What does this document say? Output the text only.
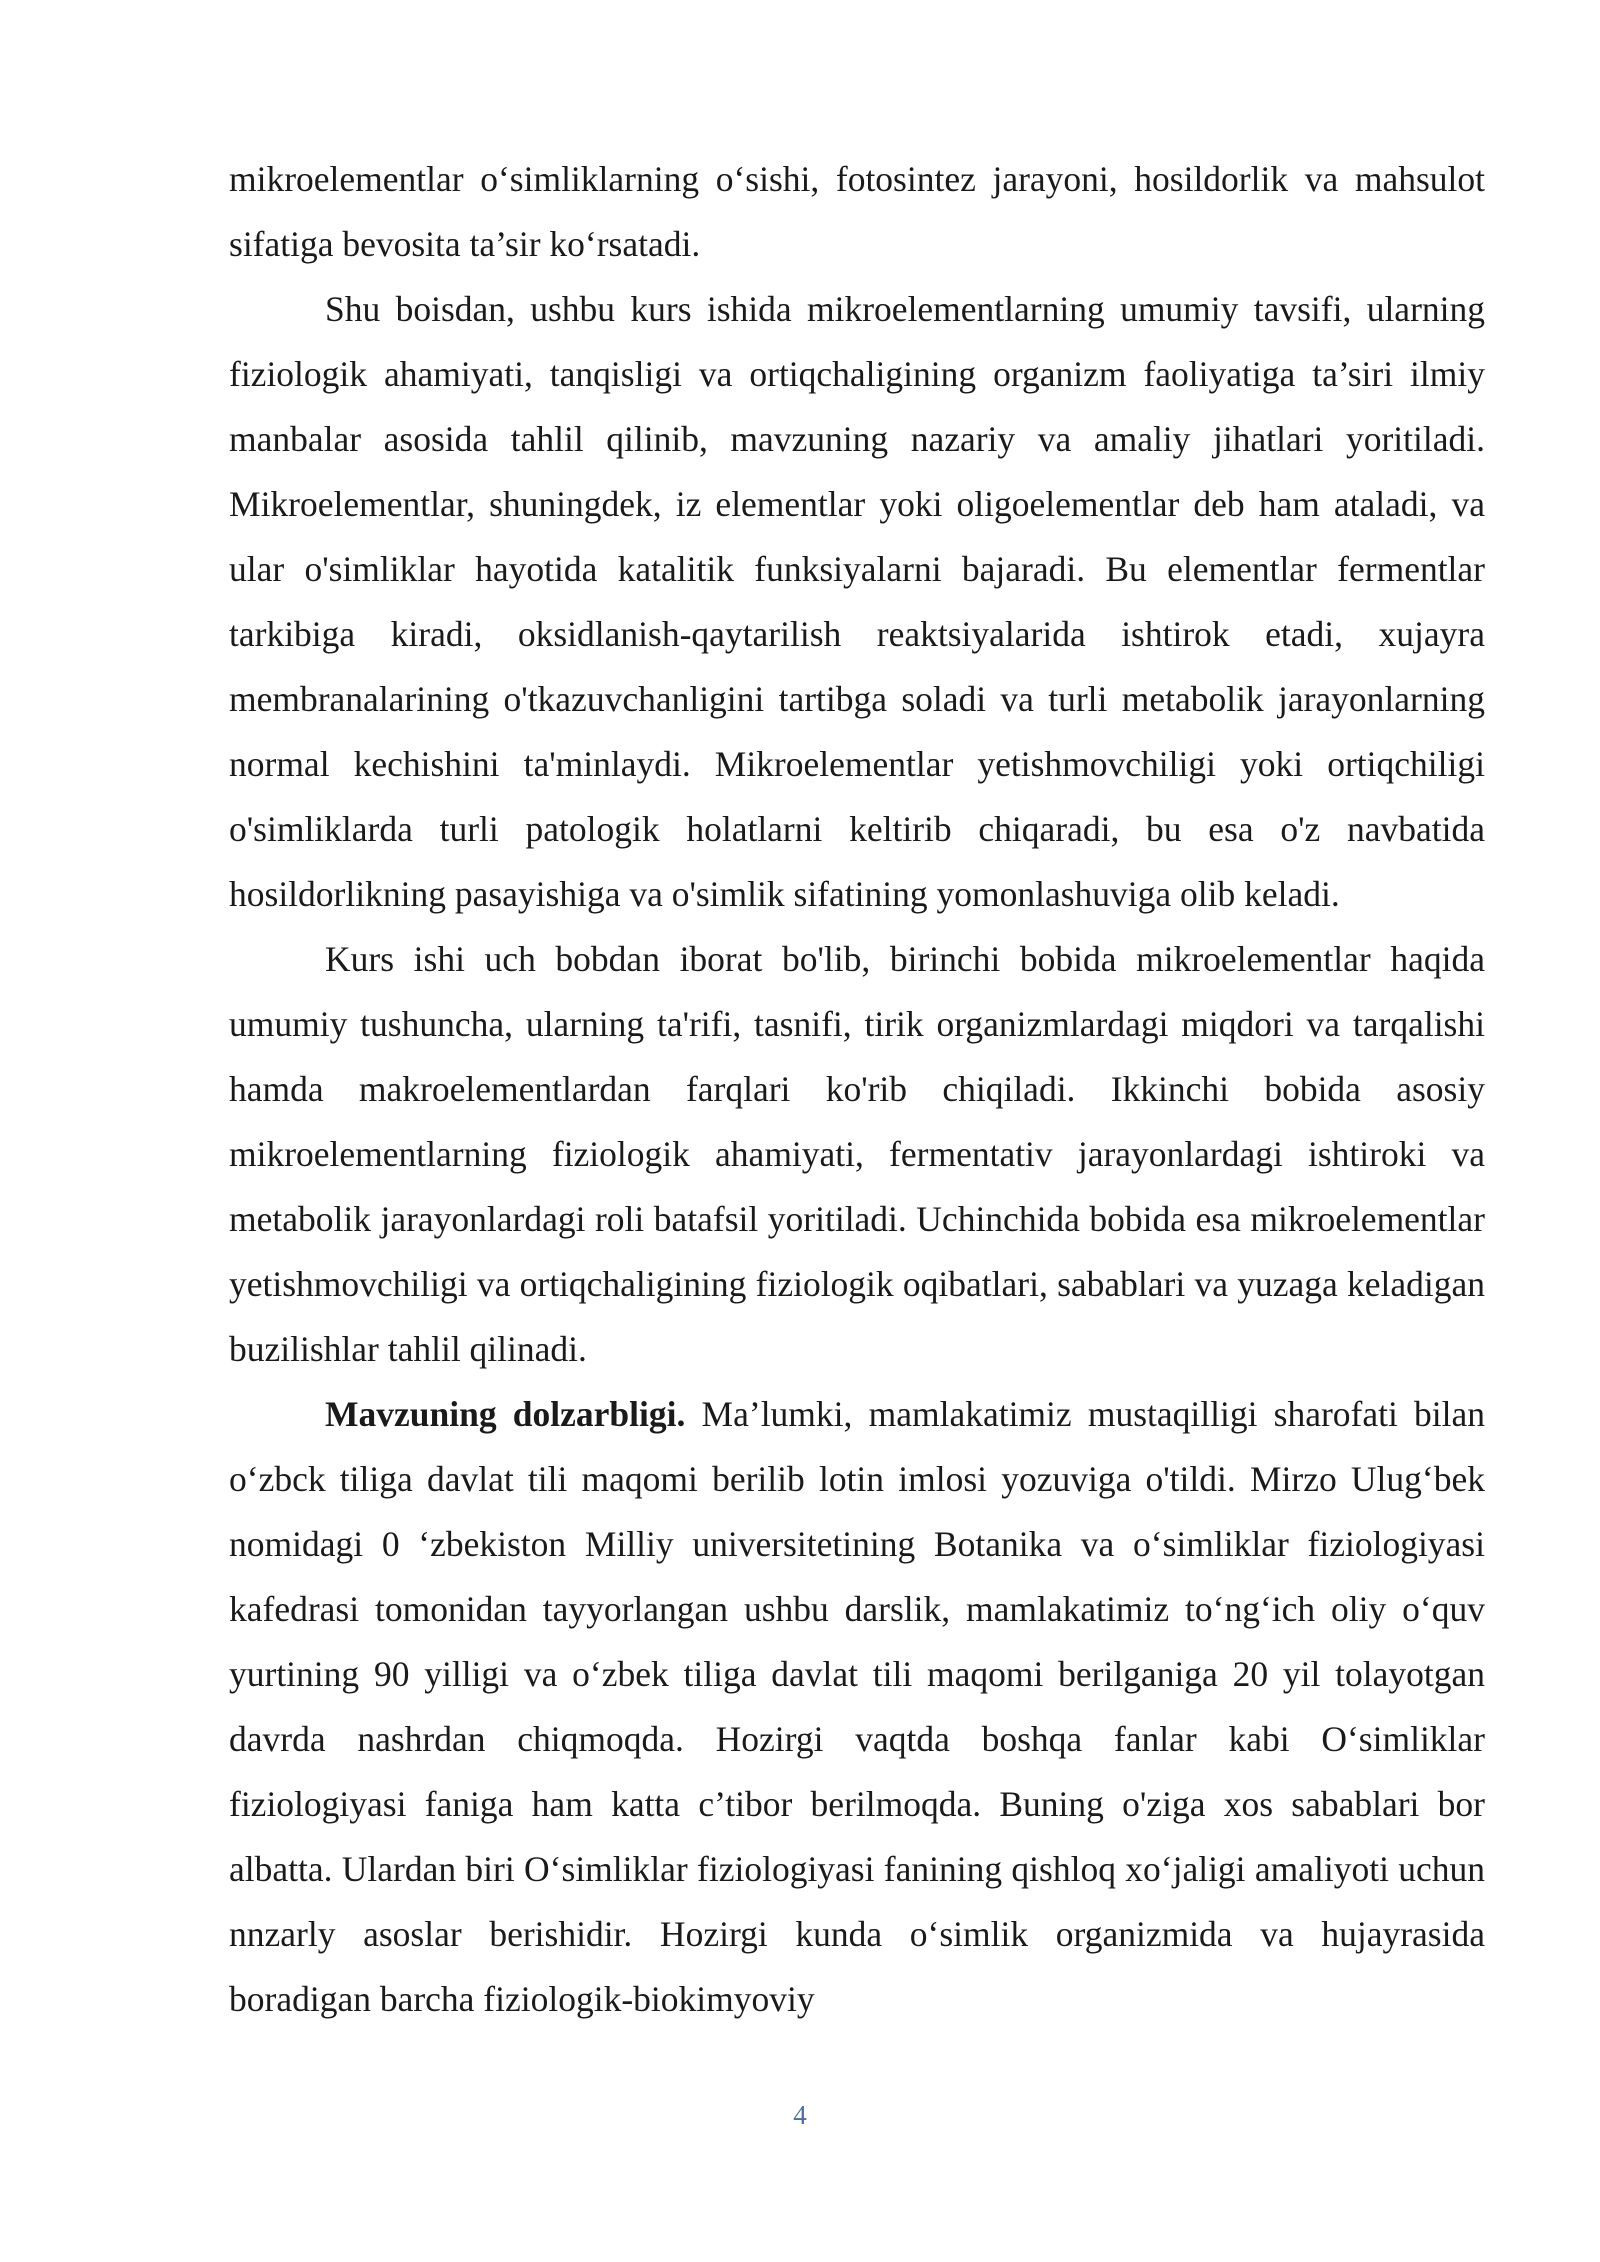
mikroelementlar o‘simliklarning o‘sishi, fotosintez jarayoni, hosildorlik va mahsulot sifatiga bevosita ta’sir ko‘rsatadi.

Shu boisdan, ushbu kurs ishida mikroelementlarning umumiy tavsifi, ularning fiziologik ahamiyati, tanqisligi va ortiqchaligining organizm faoliyatiga ta’siri ilmiy manbalar asosida tahlil qilinib, mavzuning nazariy va amaliy jihatlari yoritiladi. Mikroelementlar, shuningdek, iz elementlar yoki oligoelementlar deb ham ataladi, va ular o'simliklar hayotida katalitik funksiyalarni bajaradi. Bu elementlar fermentlar tarkibiga kiradi, oksidlanish-qaytarilish reaktsiyalarida ishtirok etadi, xujayra membranalarining o'tkazuvchanligini tartibga soladi va turli metabolik jarayonlarning normal kechishini ta'minlaydi. Mikroelementlar yetishmovchiligi yoki ortiqchiligi o'simliklarda turli patologik holatlarni keltirib chiqaradi, bu esa o'z navbatida hosildorlikning pasayishiga va o'simlik sifatining yomonlashuviga olib keladi.

Kurs ishi uch bobdan iborat bo'lib, birinchi bobida mikroelementlar haqida umumiy tushuncha, ularning ta'rifi, tasnifi, tirik organizmlardagi miqdori va tarqalishi hamda makroelementlardan farqlari ko'rib chiqiladi. Ikkinchi bobida asosiy mikroelementlarning fiziologik ahamiyati, fermentativ jarayonlardagi ishtiroki va metabolik jarayonlardagi roli batafsil yoritiladi. Uchinchida bobida esa mikroelementlar yetishmovchiligi va ortiqchaligining fiziologik oqibatlari, sabablari va yuzaga keladigan buzilishlar tahlil qilinadi.

Mavzuning dolzarbligi. Ma’lumki, mamlakatimiz mustaqilligi sharofati bilan o‘zbck tiliga davlat tili maqomi berilib lotin imlosi yozuviga o'tildi. Mirzo Ulug‘bek nomidagi 0 ‘zbekiston Milliy universitetining Botanika va o‘simliklar fiziologiyasi kafedrasi tomonidan tayyorlangan ushbu darslik, mamlakatimiz to‘ng‘ich oliy o‘quv yurtining 90 yilligi va o‘zbek tiliga davlat tili maqomi berilganiga 20 yil tolayotgan davrda nashrdan chiqmoqda. Hozirgi vaqtda boshqa fanlar kabi O‘simliklar fiziologiyasi faniga ham katta c’tibor berilmoqda. Buning o'ziga xos sabablari bor albatta. Ulardan biri O‘simliklar fiziologiyasi fanining qishloq xo‘jaligi amaliyoti uchun nnzarly asoslar berishidir. Hozirgi kunda o‘simlik organizmida va hujayrasida boradigan barcha fiziologik-biokimyoviy

4
